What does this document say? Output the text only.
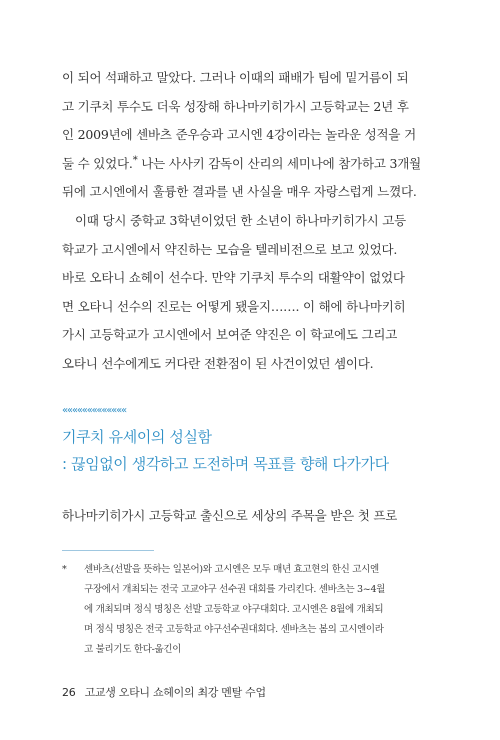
이 되어 석패하고 말았다. 그러나 이때의 패배가 팀에 밑거름이 되
고 기쿠치 투수도 더욱 성장해 하나마키히가시 고등학교는 2년 후
인 2009년에 센바츠 준우승과 고시엔 4강이라는 놀라운 성적을 거
둘 수 있었다.* 나는 사사키 감독이 산리의 세미나에 참가하고 3개월
뒤에 고시엔에서 훌륭한 결과를 낸 사실을 매우 자랑스럽게 느꼈다.

이때 당시 중학교 3학년이었던 한 소년이 하나마키히가시 고등
학교가 고시엔에서 약진하는 모습을 텔레비전으로 보고 있었다.
바로 오타니 쇼헤이 선수다. 만약 기쿠치 투수의 대활약이 없었다
면 오타니 선수의 진로는 어떻게 됐을지……. 이 해에 하나마키히
가시 고등학교가 고시엔에서 보여준 약진은 이 학교에도 그리고
오타니 선수에게도 커다란 전환점이 된 사건이었던 셈이다.

«««««««««««««
기쿠치 유세이의 성실함
: 끊임없이 생각하고 도전하며 목표를 향해 다가가다

하나마키히가시 고등학교 출신으로 세상의 주목을 받은 첫 프로

* 센바츠(선발을 뜻하는 일본어)와 고시엔은 모두 매년 효고현의 한신 고시엔
구장에서 개최되는 전국 고교야구 선수권 대회를 가리킨다. 센바츠는 3~4월
에 개최되며 정식 명칭은 선발 고등학교 야구대회다. 고시엔은 8월에 개최되
며 정식 명칭은 전국 고등학교 야구선수권대회다. 센바츠는 봄의 고시엔이라
고 불리기도 한다-옮긴이

26 고교생 오타니 쇼헤이의 최강 멘탈 수업
